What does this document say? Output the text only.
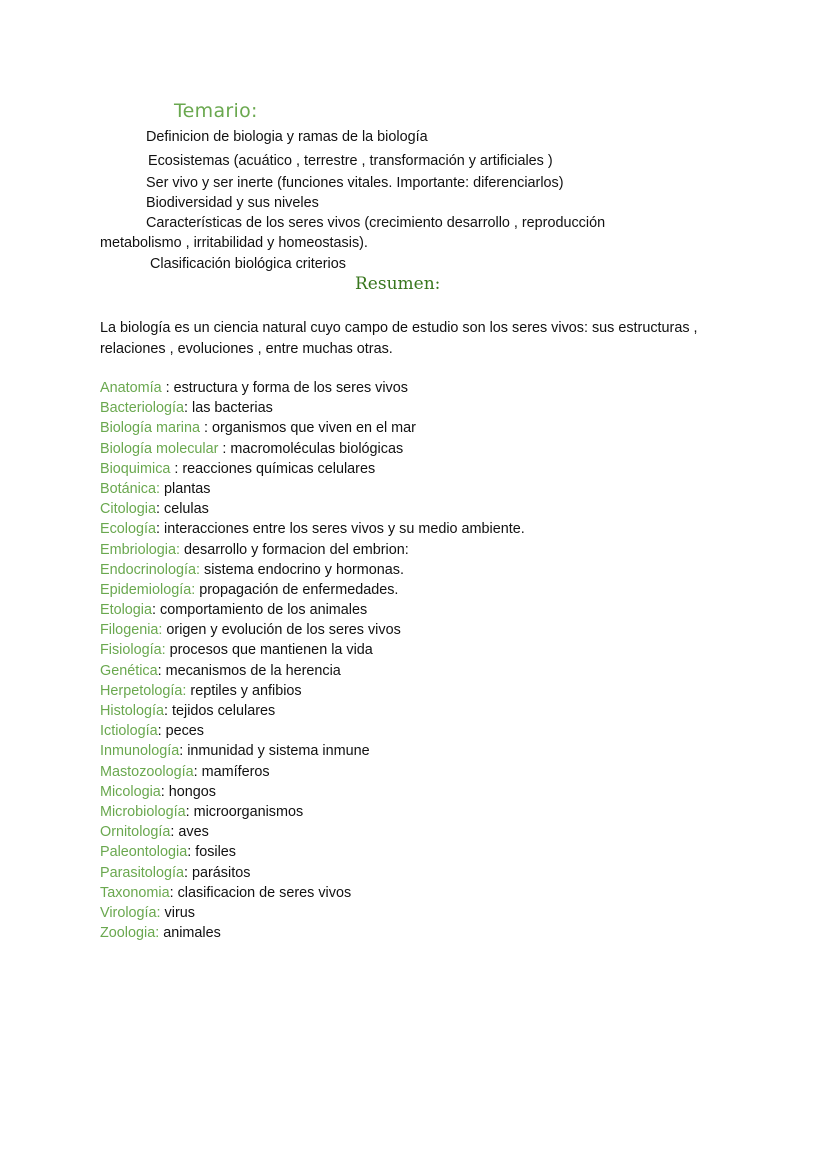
Temario:
Definicion de biologia y ramas de la biología
Ecosistemas (acuático , terrestre , transformación y artificiales )
Ser vivo y ser inerte (funciones vitales. Importante: diferenciarlos)
Biodiversidad y sus niveles
Características de los seres vivos (crecimiento desarrollo , reproducción
metabolismo , irritabilidad y homeostasis).
Clasificación biológica criterios
Resumen:
La biología es un ciencia natural cuyo campo de estudio son los seres vivos: sus estructuras , relaciones , evoluciones , entre muchas otras.
Anatomía : estructura y forma de los seres vivos
Bacteriología: las bacterias
Biología marina : organismos que viven en el mar
Biología molecular : macromoléculas biológicas
Bioquimica : reacciones químicas celulares
Botánica: plantas
Citologia: celulas
Ecología: interacciones entre los seres vivos y su medio ambiente.
Embriologia: desarrollo y formacion del embrion:
Endocrinología: sistema endocrino y hormonas.
Epidemiología: propagación de enfermedades.
Etologia: comportamiento de los animales
Filogenia: origen y evolución de los seres vivos
Fisiología: procesos que mantienen la vida
Genética: mecanismos de la herencia
Herpetología: reptiles y anfibios
Histología: tejidos celulares
Ictiología: peces
Inmunología: inmunidad y sistema inmune
Mastozoología: mamíferos
Micologia: hongos
Microbiología: microorganismos
Ornitología: aves
Paleontologia: fosiles
Parasitología: parásitos
Taxonomia: clasificacion de seres vivos
Virología: virus
Zoologia: animales
